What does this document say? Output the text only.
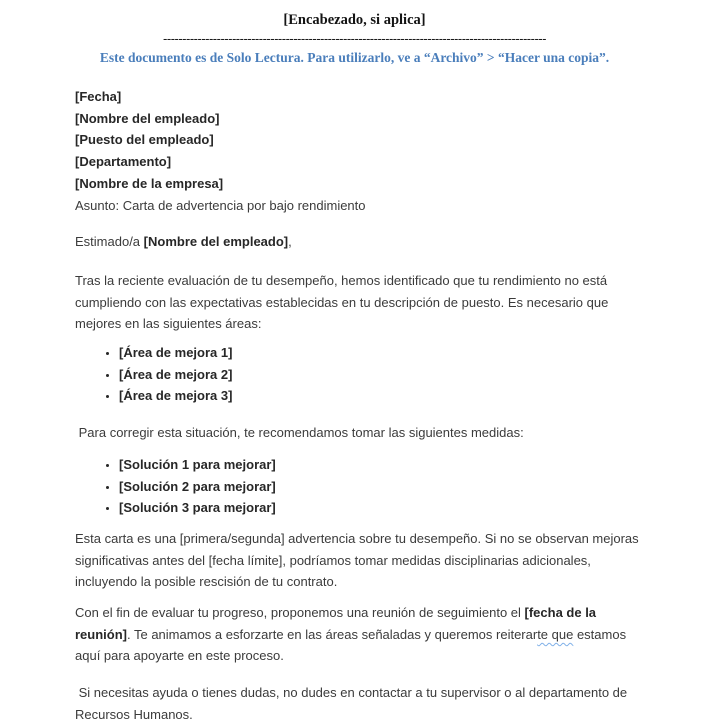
[Encabezado, si aplica]

----------------------------------------------------------------------------------------------------

Este documento es de Solo Lectura. Para utilizarlo, ve a “Archivo” > “Hacer una copia”.

[Fecha]

[Nombre del empleado]

[Puesto del empleado]

[Departamento]

[Nombre de la empresa]

Asunto: Carta de advertencia por bajo rendimiento

Estimado/a [Nombre del empleado],

Tras la reciente evaluación de tu desempeño, hemos identificado que tu rendimiento no está cumpliendo con las expectativas establecidas en tu descripción de puesto. Es necesario que mejores en las siguientes áreas:

• [Área de mejora 1]
• [Área de mejora 2]
• [Área de mejora 3]

Para corregir esta situación, te recomendamos tomar las siguientes medidas:

• [Solución 1 para mejorar]
• [Solución 2 para mejorar]
• [Solución 3 para mejorar]

Esta carta es una [primera/segunda] advertencia sobre tu desempeño. Si no se observan mejoras significativas antes del [fecha límite], podríamos tomar medidas disciplinarias adicionales, incluyendo la posible rescisión de tu contrato.

Con el fin de evaluar tu progreso, proponemos una reunión de seguimiento el [fecha de la reunión]. Te animamos a esforzarte en las áreas señaladas y queremos reiterarte que estamos aquí para apoyarte en este proceso.

Si necesitas ayuda o tienes dudas, no dudes en contactar a tu supervisor o al departamento de Recursos Humanos.
